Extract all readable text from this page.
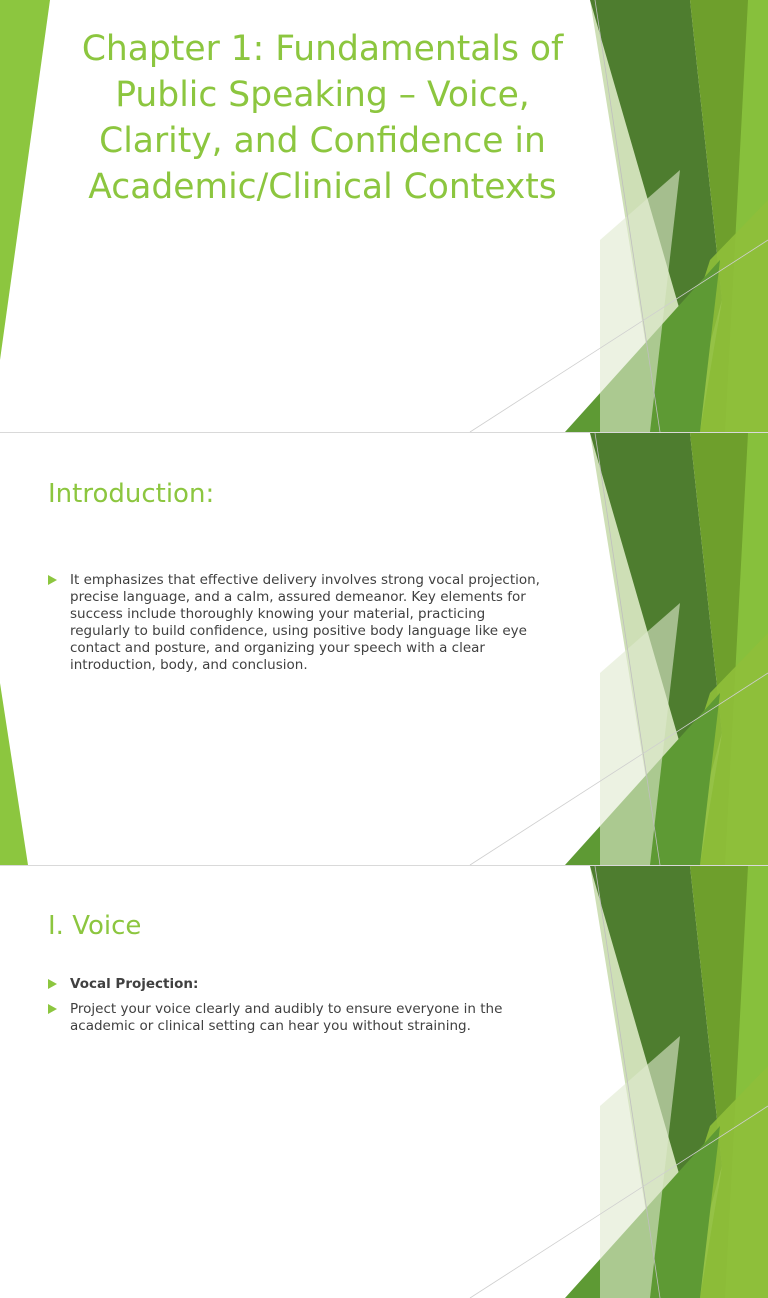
Chapter 1: Fundamentals of Public Speaking – Voice, Clarity, and Confidence in Academic/Clinical Contexts
Introduction:
It emphasizes that effective delivery involves strong vocal projection, precise language, and a calm, assured demeanor. Key elements for success include thoroughly knowing your material, practicing regularly to build confidence, using positive body language like eye contact and posture, and organizing your speech with a clear introduction, body, and conclusion.
I. Voice
Vocal Projection:
Project your voice clearly and audibly to ensure everyone in the academic or clinical setting can hear you without straining.
